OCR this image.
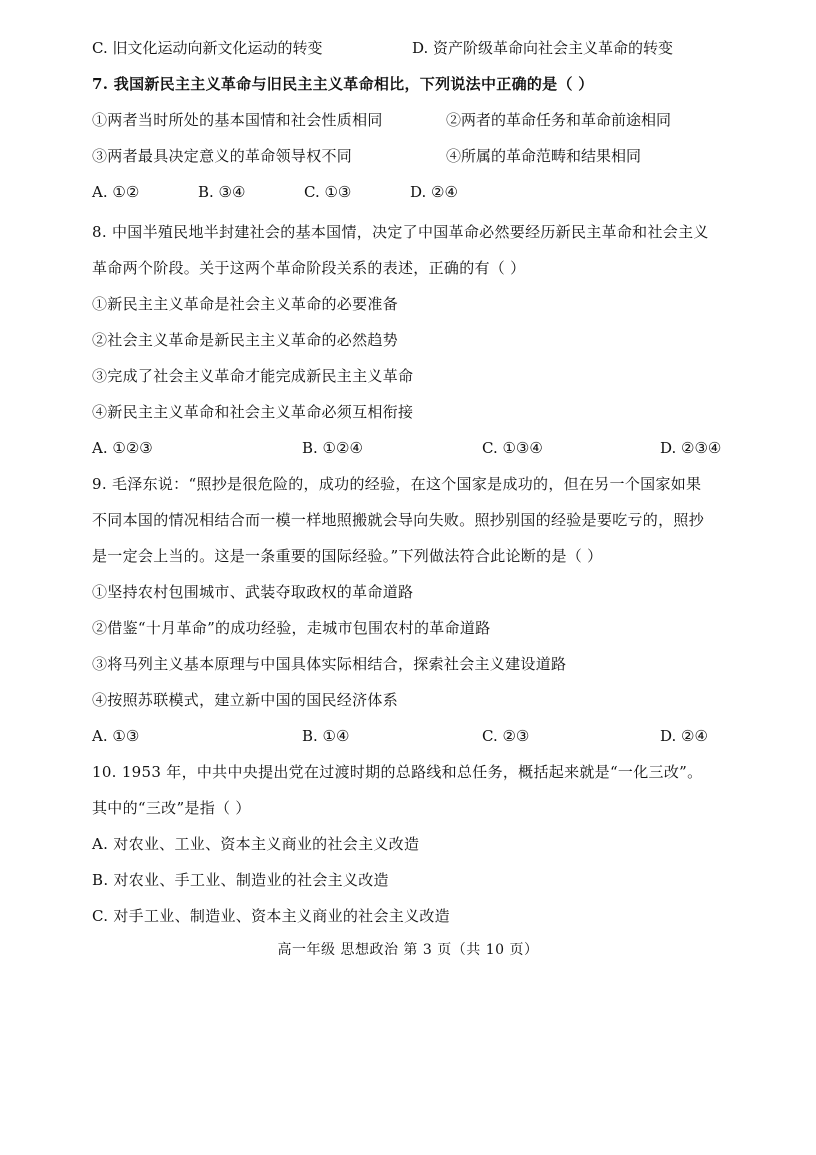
C. 旧文化运动向新文化运动的转变	D. 资产阶级革命向社会主义革命的转变
7. 我国新民主主义革命与旧民主主义革命相比，下列说法中正确的是（ ）
①两者当时所处的基本国情和社会性质相同	②两者的革命任务和革命前途相同
③两者最具决定意义的革命领导权不同	④所属的革命范畴和结果相同
A. ①②	B. ③④	C. ①③	D. ②④
8. 中国半殖民地半封建社会的基本国情，决定了中国革命必然要经历新民主革命和社会主义
革命两个阶段。关于这两个革命阶段关系的表述，正确的有（ ）
①新民主主义革命是社会主义革命的必要准备
②社会主义革命是新民主主义革命的必然趋势
③完成了社会主义革命才能完成新民主主义革命
④新民主主义革命和社会主义革命必须互相衔接
A. ①②③	B. ①②④	C. ①③④	D. ②③④
9. 毛泽东说：“照抄是很危险的，成功的经验，在这个国家是成功的，但在另一个国家如果
不同本国的情况相结合而一模一样地照搬就会导向失败。照抄别国的经验是要吃亏的，照抄
是一定会上当的。这是一条重要的国际经验。”下列做法符合此论断的是（ ）
①坚持农村包围城市、武装夺取政权的革命道路
②借鉴“十月革命”的成功经验，走城市包围农村的革命道路
③将马列主义基本原理与中国具体实际相结合，探索社会主义建设道路
④按照苏联模式，建立新中国的国民经济体系
A. ①③	B. ①④	C. ②③	D. ②④
10. 1953 年，中共中央提出党在过渡时期的总路线和总任务，概括起来就是“一化三改”。
其中的“三改”是指（ ）
A. 对农业、工业、资本主义商业的社会主义改造
B. 对农业、手工业、制造业的社会主义改造
C. 对手工业、制造业、资本主义商业的社会主义改造
高一年级 思想政治 第 3 页（共 10 页）
